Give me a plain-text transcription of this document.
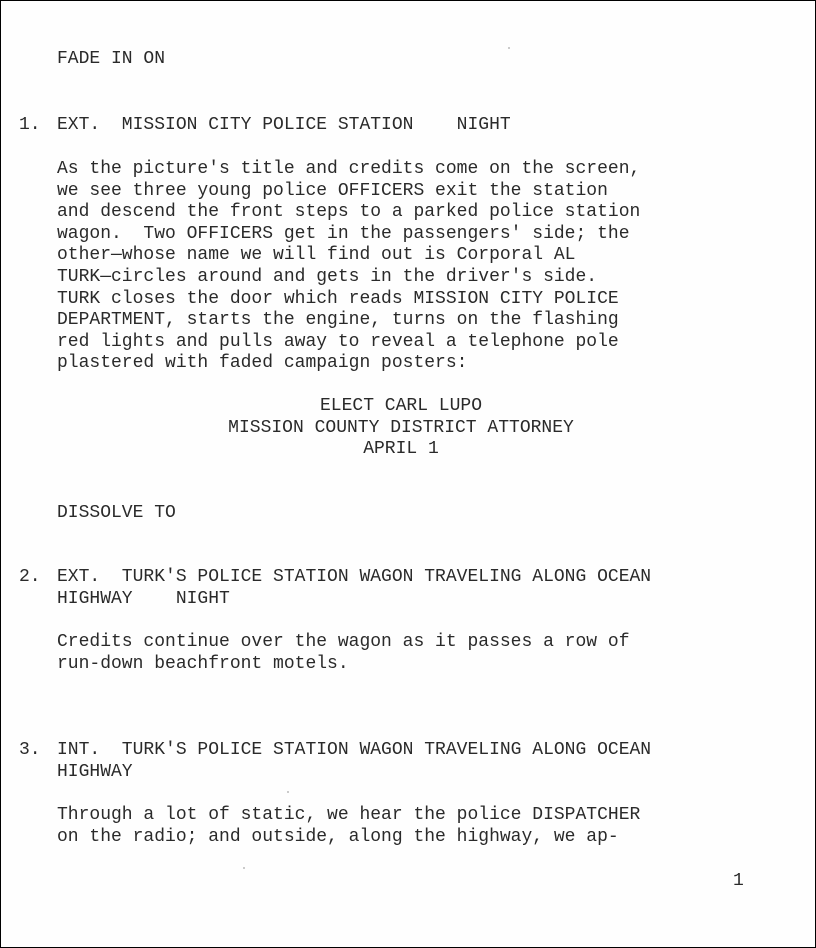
FADE IN ON
1. EXT.  MISSION CITY POLICE STATION    NIGHT
As the picture's title and credits come on the screen,
we see three young police OFFICERS exit the station
and descend the front steps to a parked police station
wagon.  Two OFFICERS get in the passengers' side; the
other—whose name we will find out is Corporal AL
TURK—circles around and gets in the driver's side.
TURK closes the door which reads MISSION CITY POLICE
DEPARTMENT, starts the engine, turns on the flashing
red lights and pulls away to reveal a telephone pole
plastered with faded campaign posters:
ELECT CARL LUPO
MISSION COUNTY DISTRICT ATTORNEY
APRIL 1
DISSOLVE TO
2. EXT.  TURK'S POLICE STATION WAGON TRAVELING ALONG OCEAN
HIGHWAY    NIGHT
Credits continue over the wagon as it passes a row of
run-down beachfront motels.
3. INT.  TURK'S POLICE STATION WAGON TRAVELING ALONG OCEAN
HIGHWAY
Through a lot of static, we hear the police DISPATCHER
on the radio; and outside, along the highway, we ap-
1
